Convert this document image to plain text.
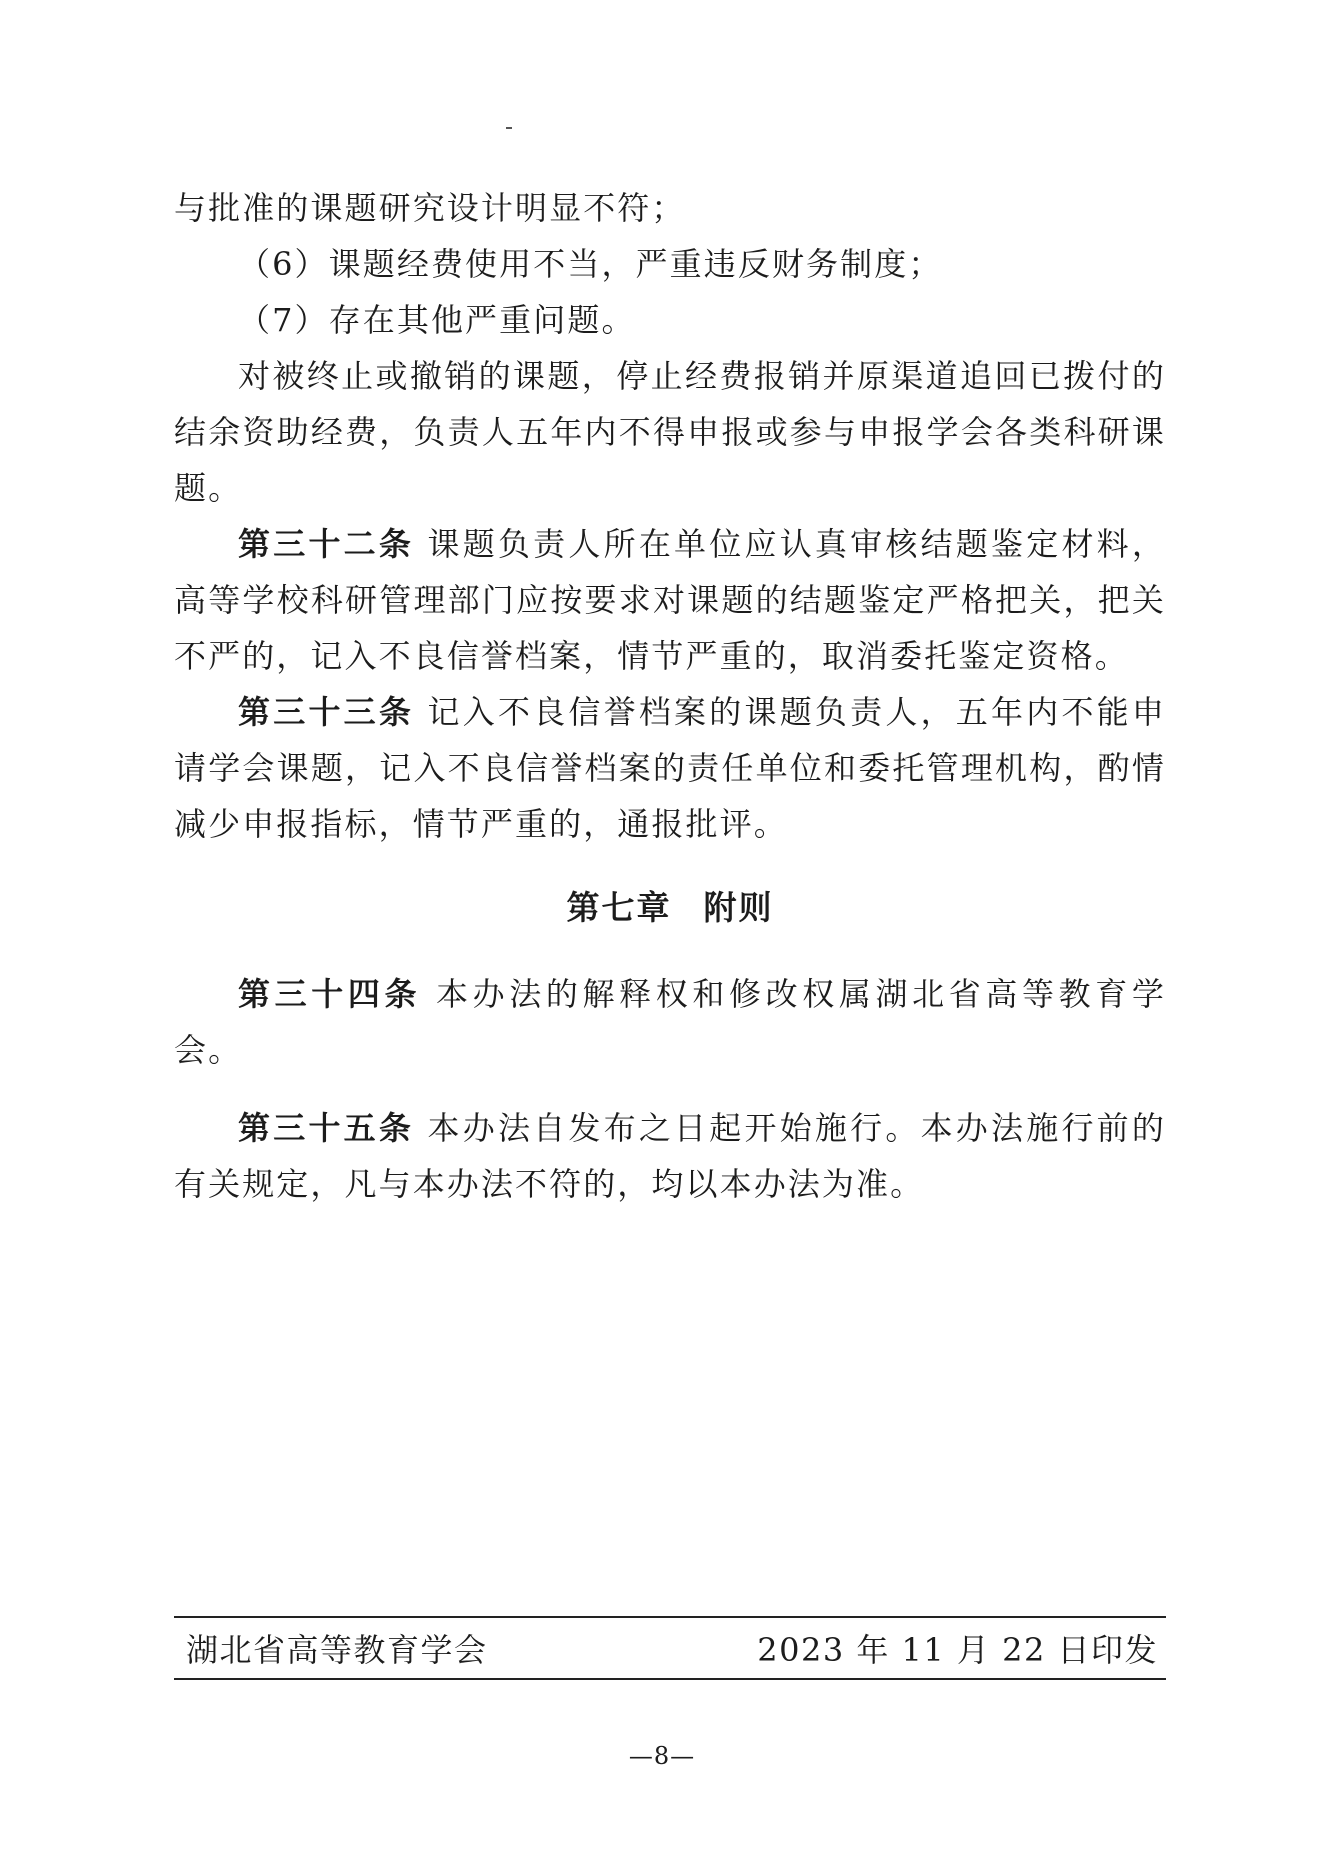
与批准的课题研究设计明显不符；

（6）课题经费使用不当，严重违反财务制度；

（7）存在其他严重问题。

对被终止或撤销的课题，停止经费报销并原渠道追回已拨付的结余资助经费，负责人五年内不得申报或参与申报学会各类科研课题。

第三十二条 课题负责人所在单位应认真审核结题鉴定材料，高等学校科研管理部门应按要求对课题的结题鉴定严格把关，把关不严的，记入不良信誉档案，情节严重的，取消委托鉴定资格。

第三十三条 记入不良信誉档案的课题负责人，五年内不能申请学会课题，记入不良信誉档案的责任单位和委托管理机构，酌情减少申报指标，情节严重的，通报批评。

第七章 附则

第三十四条 本办法的解释权和修改权属湖北省高等教育学会。

第三十五条 本办法自发布之日起开始施行。本办法施行前的有关规定，凡与本办法不符的，均以本办法为准。

湖北省高等教育学会	2023 年 11 月 22 日印发
—8—
